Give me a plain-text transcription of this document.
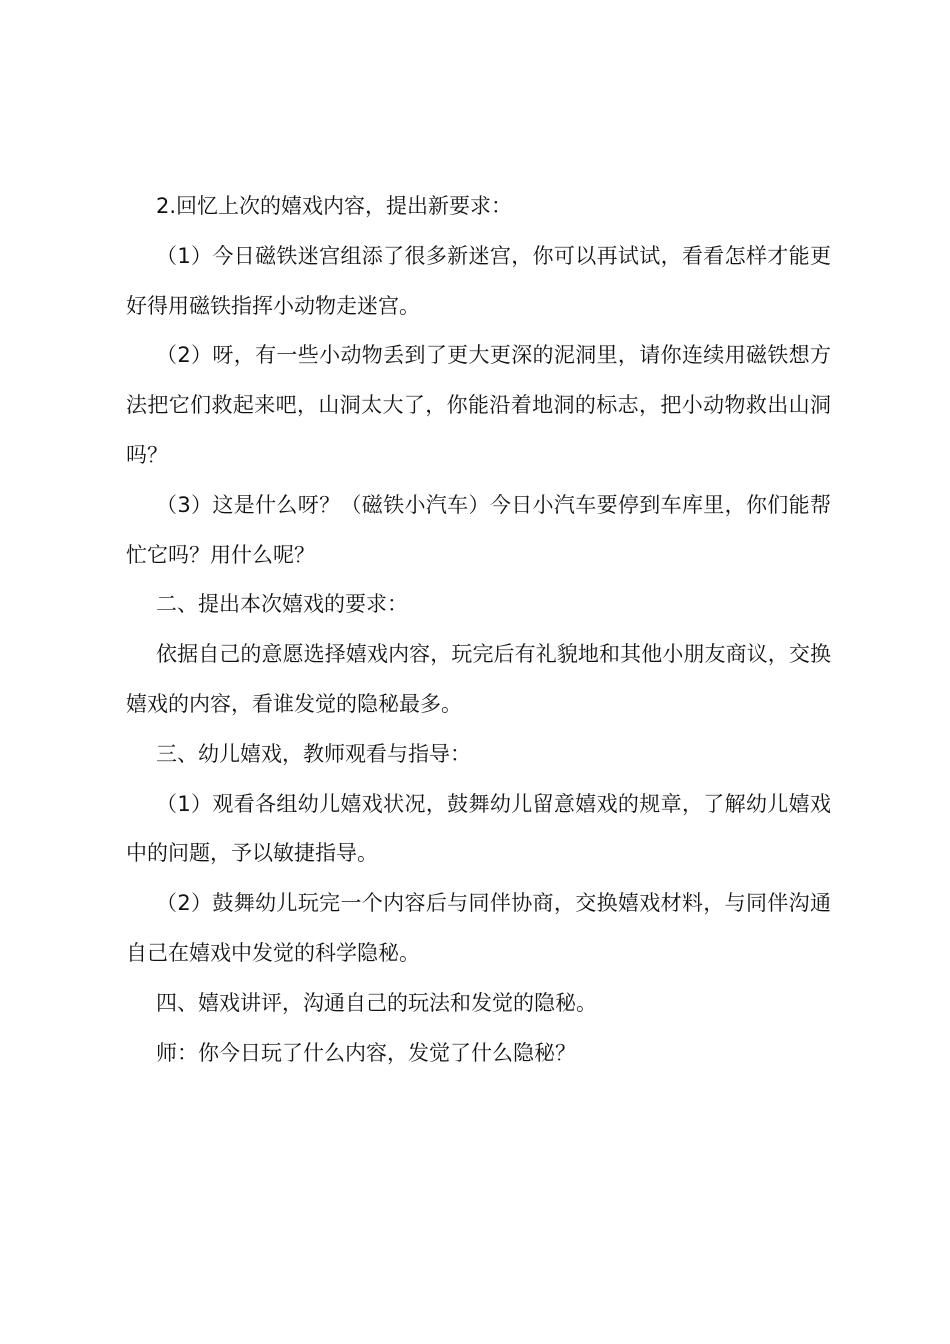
2.回忆上次的嬉戏内容，提出新要求：

（1）今日磁铁迷宫组添了很多新迷宫，你可以再试试，看看怎样才能更好得用磁铁指挥小动物走迷宫。

（2）呀，有一些小动物丢到了更大更深的泥洞里，请你连续用磁铁想方法把它们救起来吧，山洞太大了，你能沿着地洞的标志，把小动物救出山洞吗？

（3）这是什么呀？（磁铁小汽车）今日小汽车要停到车库里，你们能帮忙它吗？用什么呢？

二、提出本次嬉戏的要求：

依据自己的意愿选择嬉戏内容，玩完后有礼貌地和其他小朋友商议，交换嬉戏的内容，看谁发觉的隐秘最多。

三、幼儿嬉戏，教师观看与指导：

（1）观看各组幼儿嬉戏状况，鼓舞幼儿留意嬉戏的规章，了解幼儿嬉戏中的问题，予以敏捷指导。

（2）鼓舞幼儿玩完一个内容后与同伴协商，交换嬉戏材料，与同伴沟通自己在嬉戏中发觉的科学隐秘。

四、嬉戏讲评，沟通自己的玩法和发觉的隐秘。

师：你今日玩了什么内容，发觉了什么隐秘？
